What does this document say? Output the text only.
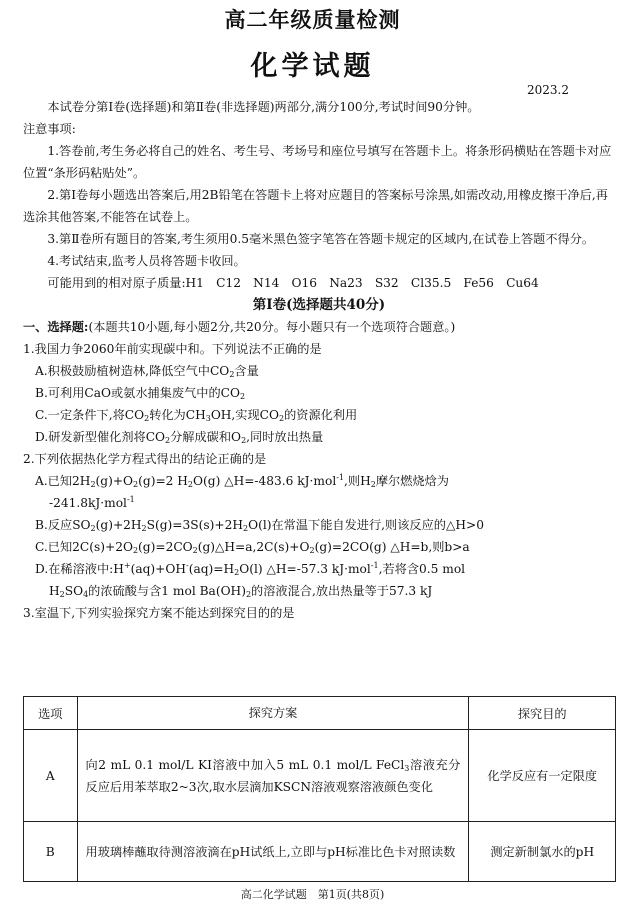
高二年级质量检测
化学试题
2023.2

本试卷分第Ⅰ卷(选择题)和第Ⅱ卷(非选择题)两部分,满分100分,考试时间90分钟。

注意事项:

1.答卷前,考生务必将自己的姓名、考生号、考场号和座位号填写在答题卡上。将条形码横贴在答题卡对应位置“条形码粘贴处”。

2.第Ⅰ卷每小题选出答案后,用2B铅笔在答题卡上将对应题目的答案标号涂黑,如需改动,用橡皮擦干净后,再选涂其他答案,不能答在试卷上。

3.第Ⅱ卷所有题目的答案,考生须用0.5毫米黑色签字笔答在答题卡规定的区域内,在试卷上答题不得分。

4.考试结束,监考人员将答题卡收回。

可能用到的相对原子质量:H1　C12　N14　O16　Na23　S32　Cl35.5　Fe56　Cu64

第Ⅰ卷(选择题共40分)

一、选择题:(本题共10小题,每小题2分,共20分。每小题只有一个选项符合题意。)

1.我国力争2060年前实现碳中和。下列说法不正确的是

A.积极鼓励植树造林,降低空气中$CO_2$含量

B.可利用CaO或氨水捕集废气中的$CO_2$

C.一定条件下,将$CO_2$转化为$CH_3OH$,实现$CO_2$的资源化利用

D.研发新型催化剂将$CO_2$分解成碳和$O_2$,同时放出热量

2.下列依据热化学方程式得出的结论正确的是

A.已知$2H_2(g)+O_2(g)=2$ $H_2O(g)$ △H=-483.6 kJ·mol$^{-1}$,则$H_2$摩尔燃烧焓为

-241.8kJ·mol$^{-1}$

B.反应$SO_2(g)+2H_2S(g)=3S(s)+2H_2O(l)$在常温下能自发进行,则该反应的△H>0

C.已知$2C(s)+2O_2(g)=2CO_2(g)\triangle H=a,2C(s)+O_2(g)=2CO(g)$ △H=b,则b>a

D.在稀溶液中$:H^+(aq)+OH^-(aq)=H_2O(l)$ △H=-57.3 kJ·mol$^{-1}$,若将含0.5 mol

$H_2SO_4$的浓硫酸与含1 mol $Ba(OH)_2$的溶液混合,放出热量等于57.3 kJ

3.室温下,下列实验探究方案不能达到探究目的的是

选项	探究方案	探究目的
A	向2 mL 0.1 mol/L KI溶液中加入5 mL 0.1 mol/L FeCl$_3$溶液充分反应后用苯萃取2~3次,取水层滴加KSCN溶液观察溶液颜色变化	化学反应有一定限度
B	用玻璃棒蘸取待测溶液滴在pH试纸上,立即与pH标准比色卡对照读数	测定新制氯水的pH
高二化学试题　第1页(共8页)
